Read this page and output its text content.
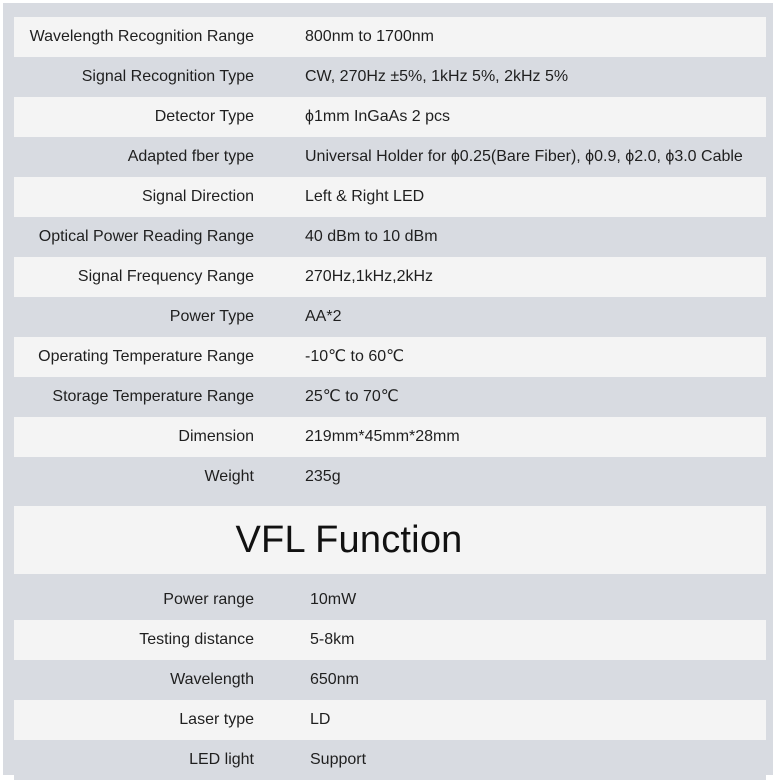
Wavelength Recognition Range	800nm to 1700nm
Signal Recognition Type	CW, 270Hz ±5%, 1kHz 5%, 2kHz 5%
Detector Type	ϕ1mm InGaAs 2 pcs
Adapted fber type	Universal Holder for ϕ0.25(Bare Fiber), ϕ0.9, ϕ2.0, ϕ3.0 Cable
Signal Direction	Left & Right LED
Optical Power Reading Range	40 dBm to 10 dBm
Signal Frequency Range	270Hz,1kHz,2kHz
Power Type	AA*2
Operating Temperature Range	-10℃ to 60℃
Storage Temperature Range	25℃ to 70℃
Dimension	219mm*45mm*28mm
Weight	235g
VFL Function
Power range	10mW
Testing distance	5-8km
Wavelength	650nm
Laser type	LD
LED light	Support
